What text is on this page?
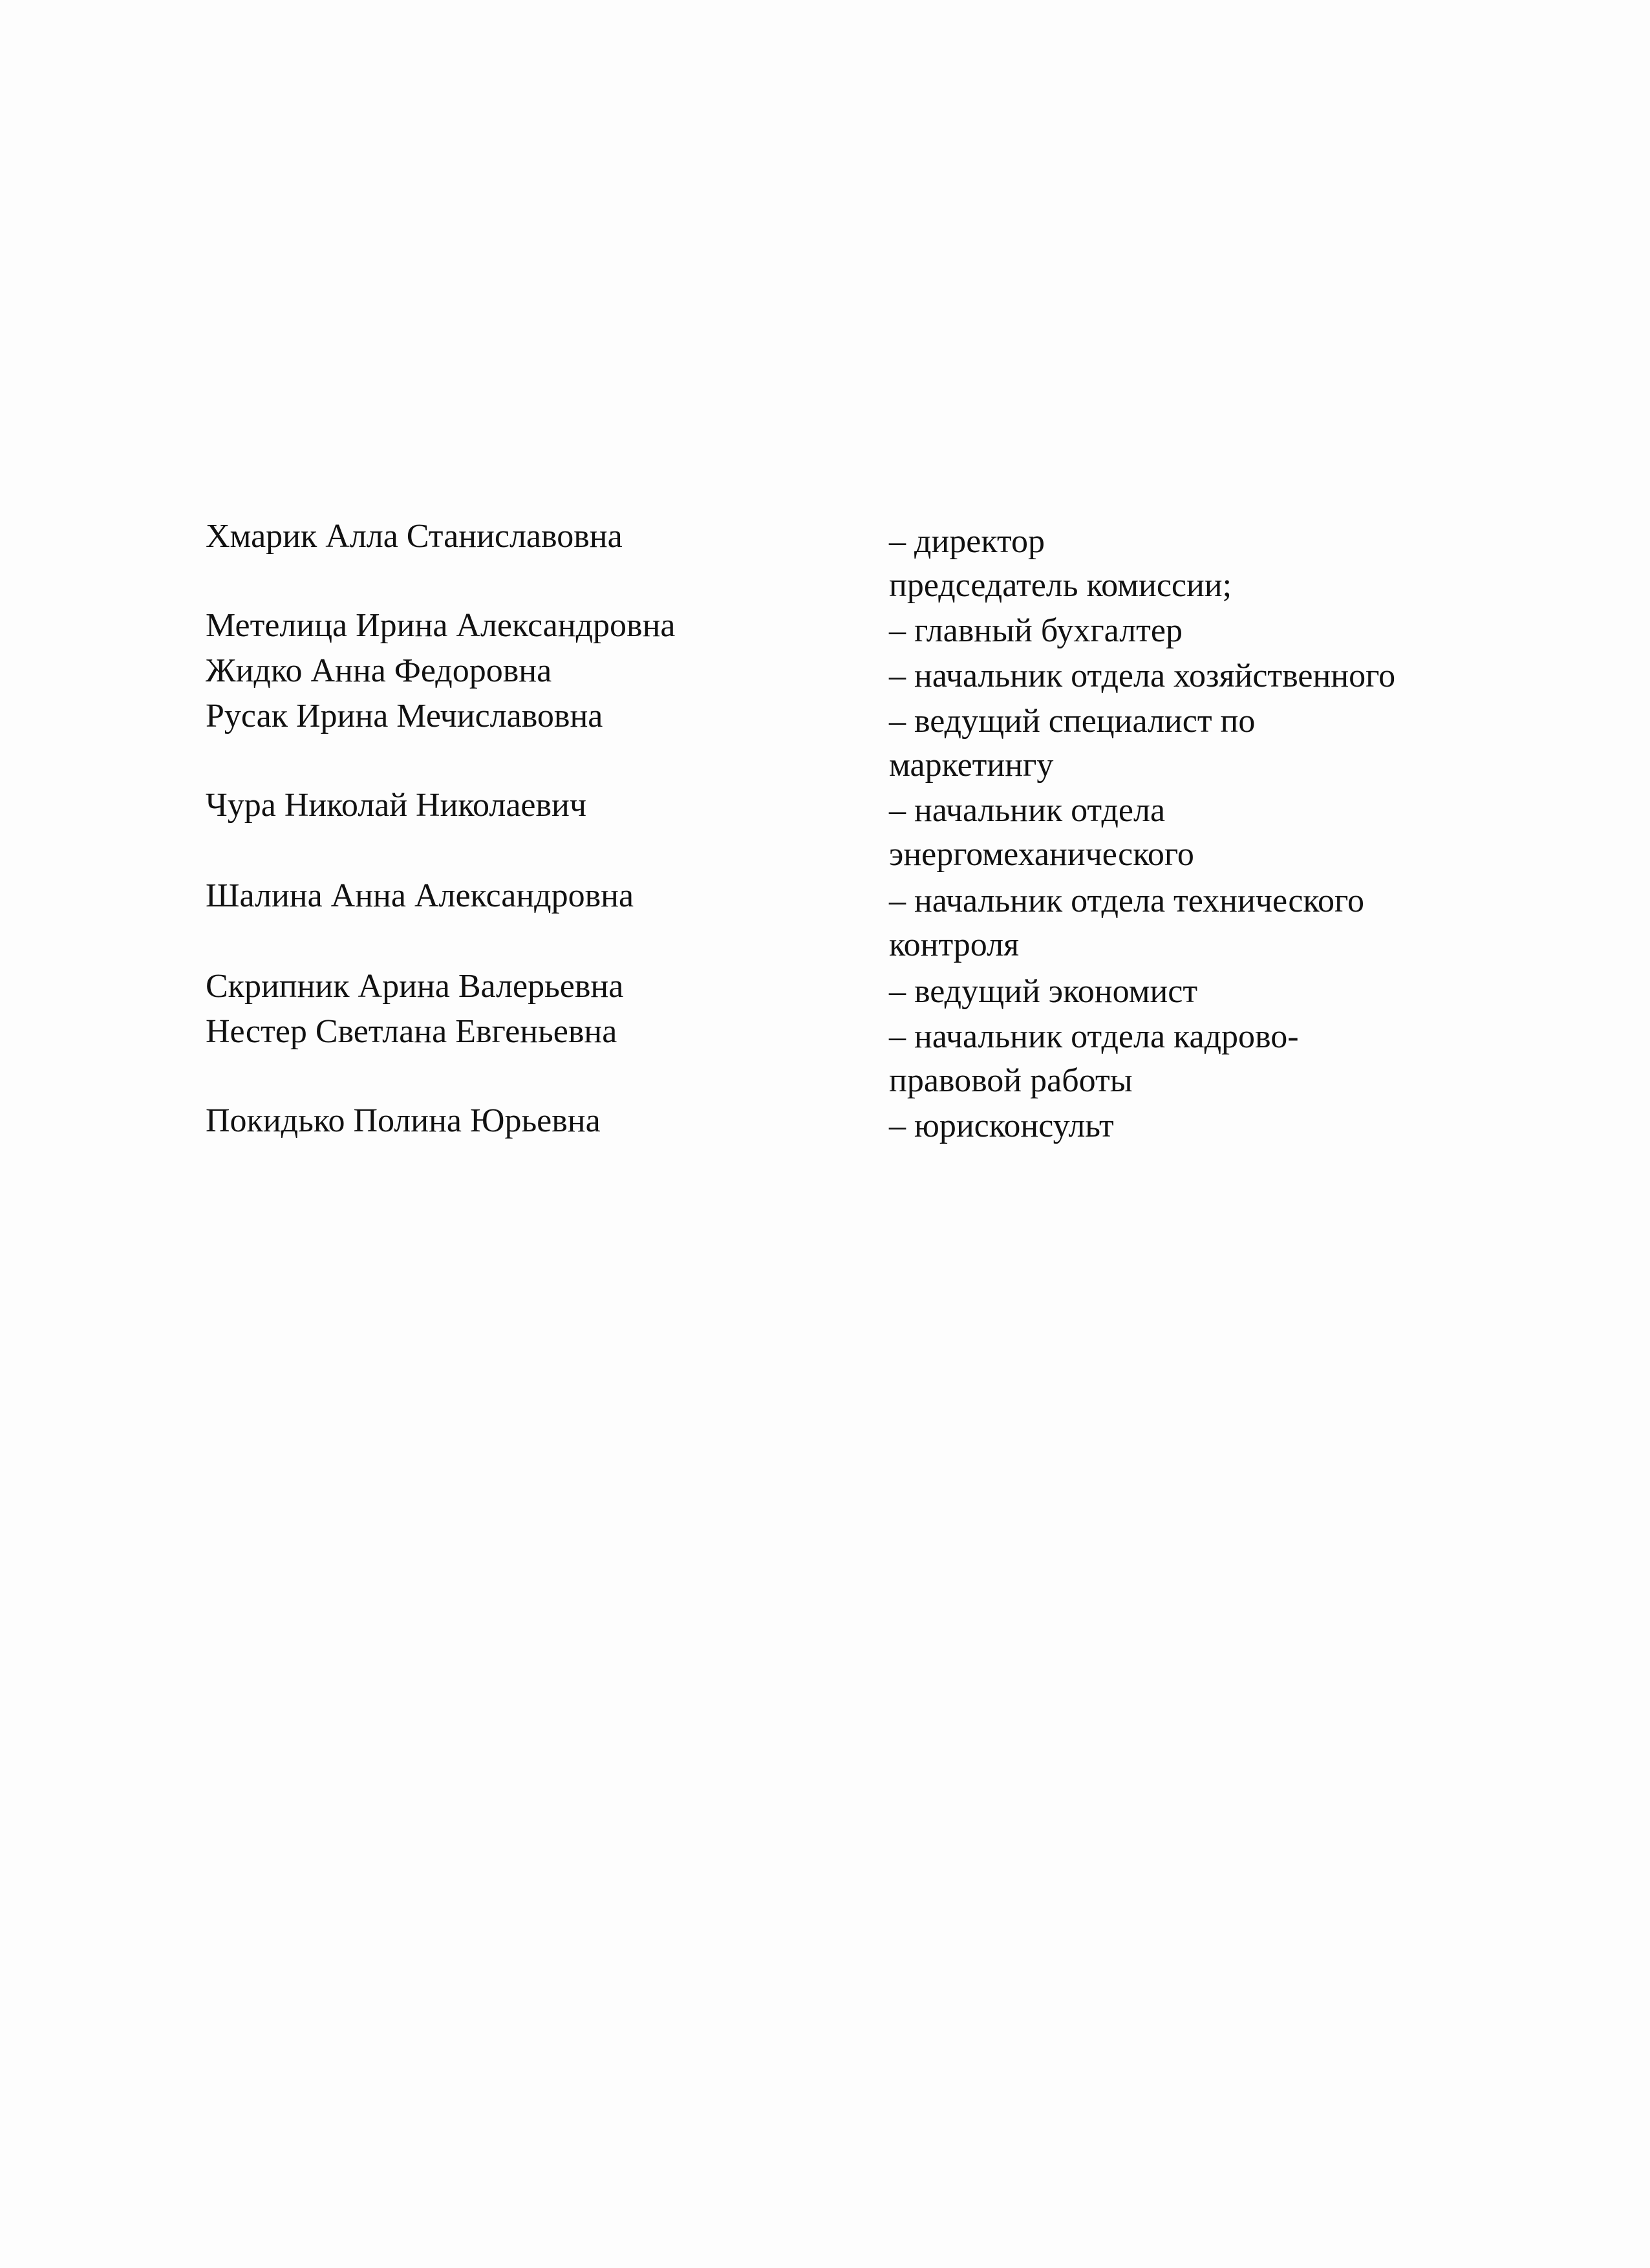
Хмарик Алла Станиславовна	– директор
председатель комиссии;
Метелица Ирина Александровна	– главный бухгалтер
Жидко Анна Федоровна	– начальник отдела хозяйственного
Русак Ирина Мечиславовна	– ведущий специалист по
маркетингу
Чура Николай Николаевич	– начальник отдела
энергомеханического
Шалина Анна Александровна	– начальник отдела технического
контроля
Скрипник Арина Валерьевна	– ведущий экономист
Нестер Светлана Евгеньевна	– начальник отдела кадрово-
правовой работы
Покидько Полина Юрьевна	– юрисконсульт
